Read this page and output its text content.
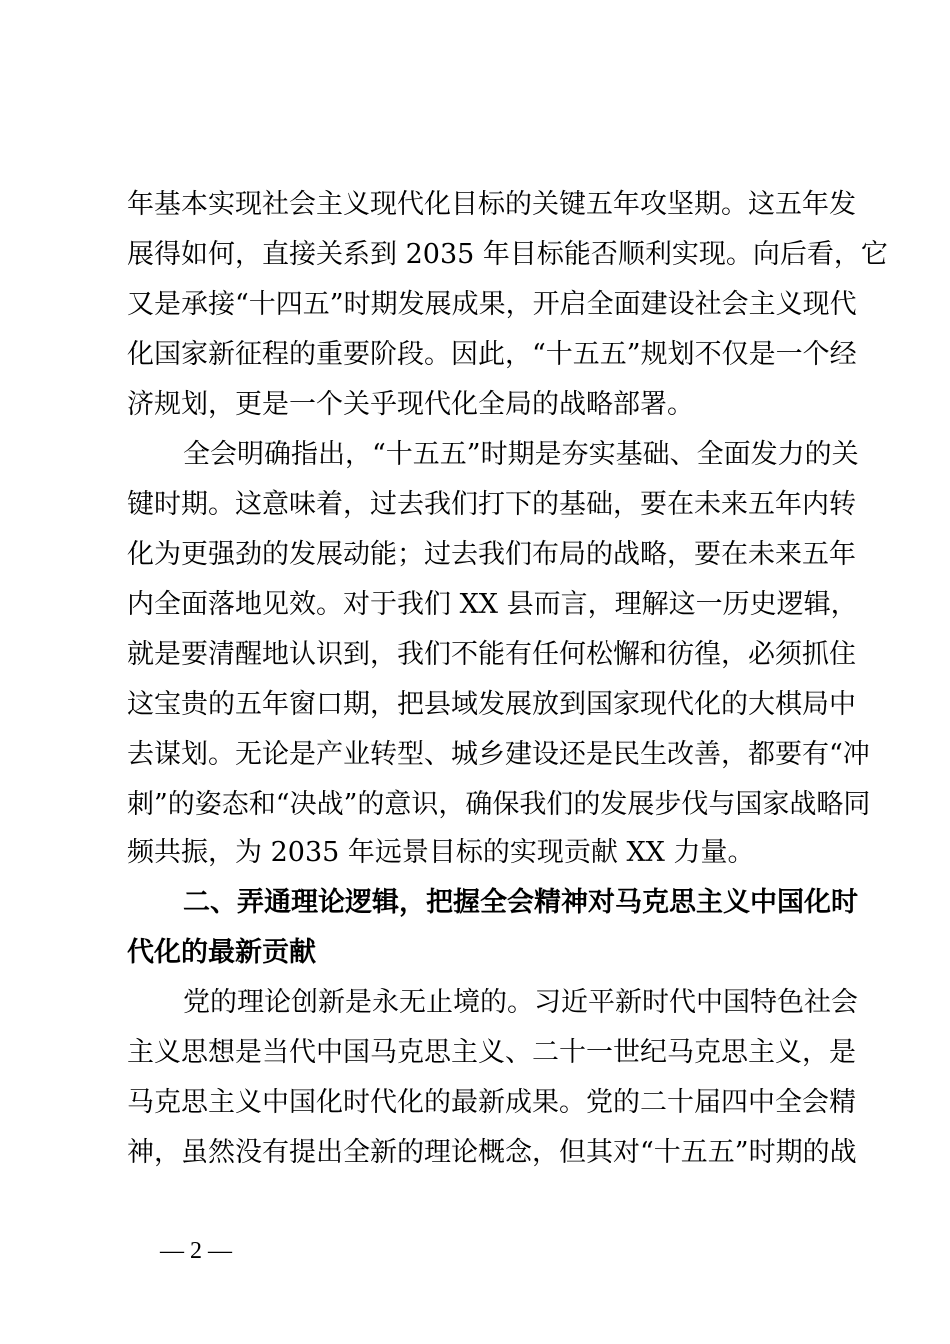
年基本实现社会主义现代化目标的关键五年攻坚期。这五年发
展得如何，直接关系到 2035 年目标能否顺利实现。向后看，它
又是承接“十四五”时期发展成果，开启全面建设社会主义现代
化国家新征程的重要阶段。因此，“十五五”规划不仅是一个经
济规划，更是一个关乎现代化全局的战略部署。
全会明确指出，“十五五”时期是夯实基础、全面发力的关
键时期。这意味着，过去我们打下的基础，要在未来五年内转
化为更强劲的发展动能；过去我们布局的战略，要在未来五年
内全面落地见效。对于我们 XX 县而言，理解这一历史逻辑，
就是要清醒地认识到，我们不能有任何松懈和彷徨，必须抓住
这宝贵的五年窗口期，把县域发展放到国家现代化的大棋局中
去谋划。无论是产业转型、城乡建设还是民生改善，都要有“冲
刺”的姿态和“决战”的意识，确保我们的发展步伐与国家战略同
频共振，为 2035 年远景目标的实现贡献 XX 力量。
二、弄通理论逻辑，把握全会精神对马克思主义中国化时
代化的最新贡献
党的理论创新是永无止境的。习近平新时代中国特色社会
主义思想是当代中国马克思主义、二十一世纪马克思主义，是
马克思主义中国化时代化的最新成果。党的二十届四中全会精
神，虽然没有提出全新的理论概念，但其对“十五五”时期的战
— 2 —
